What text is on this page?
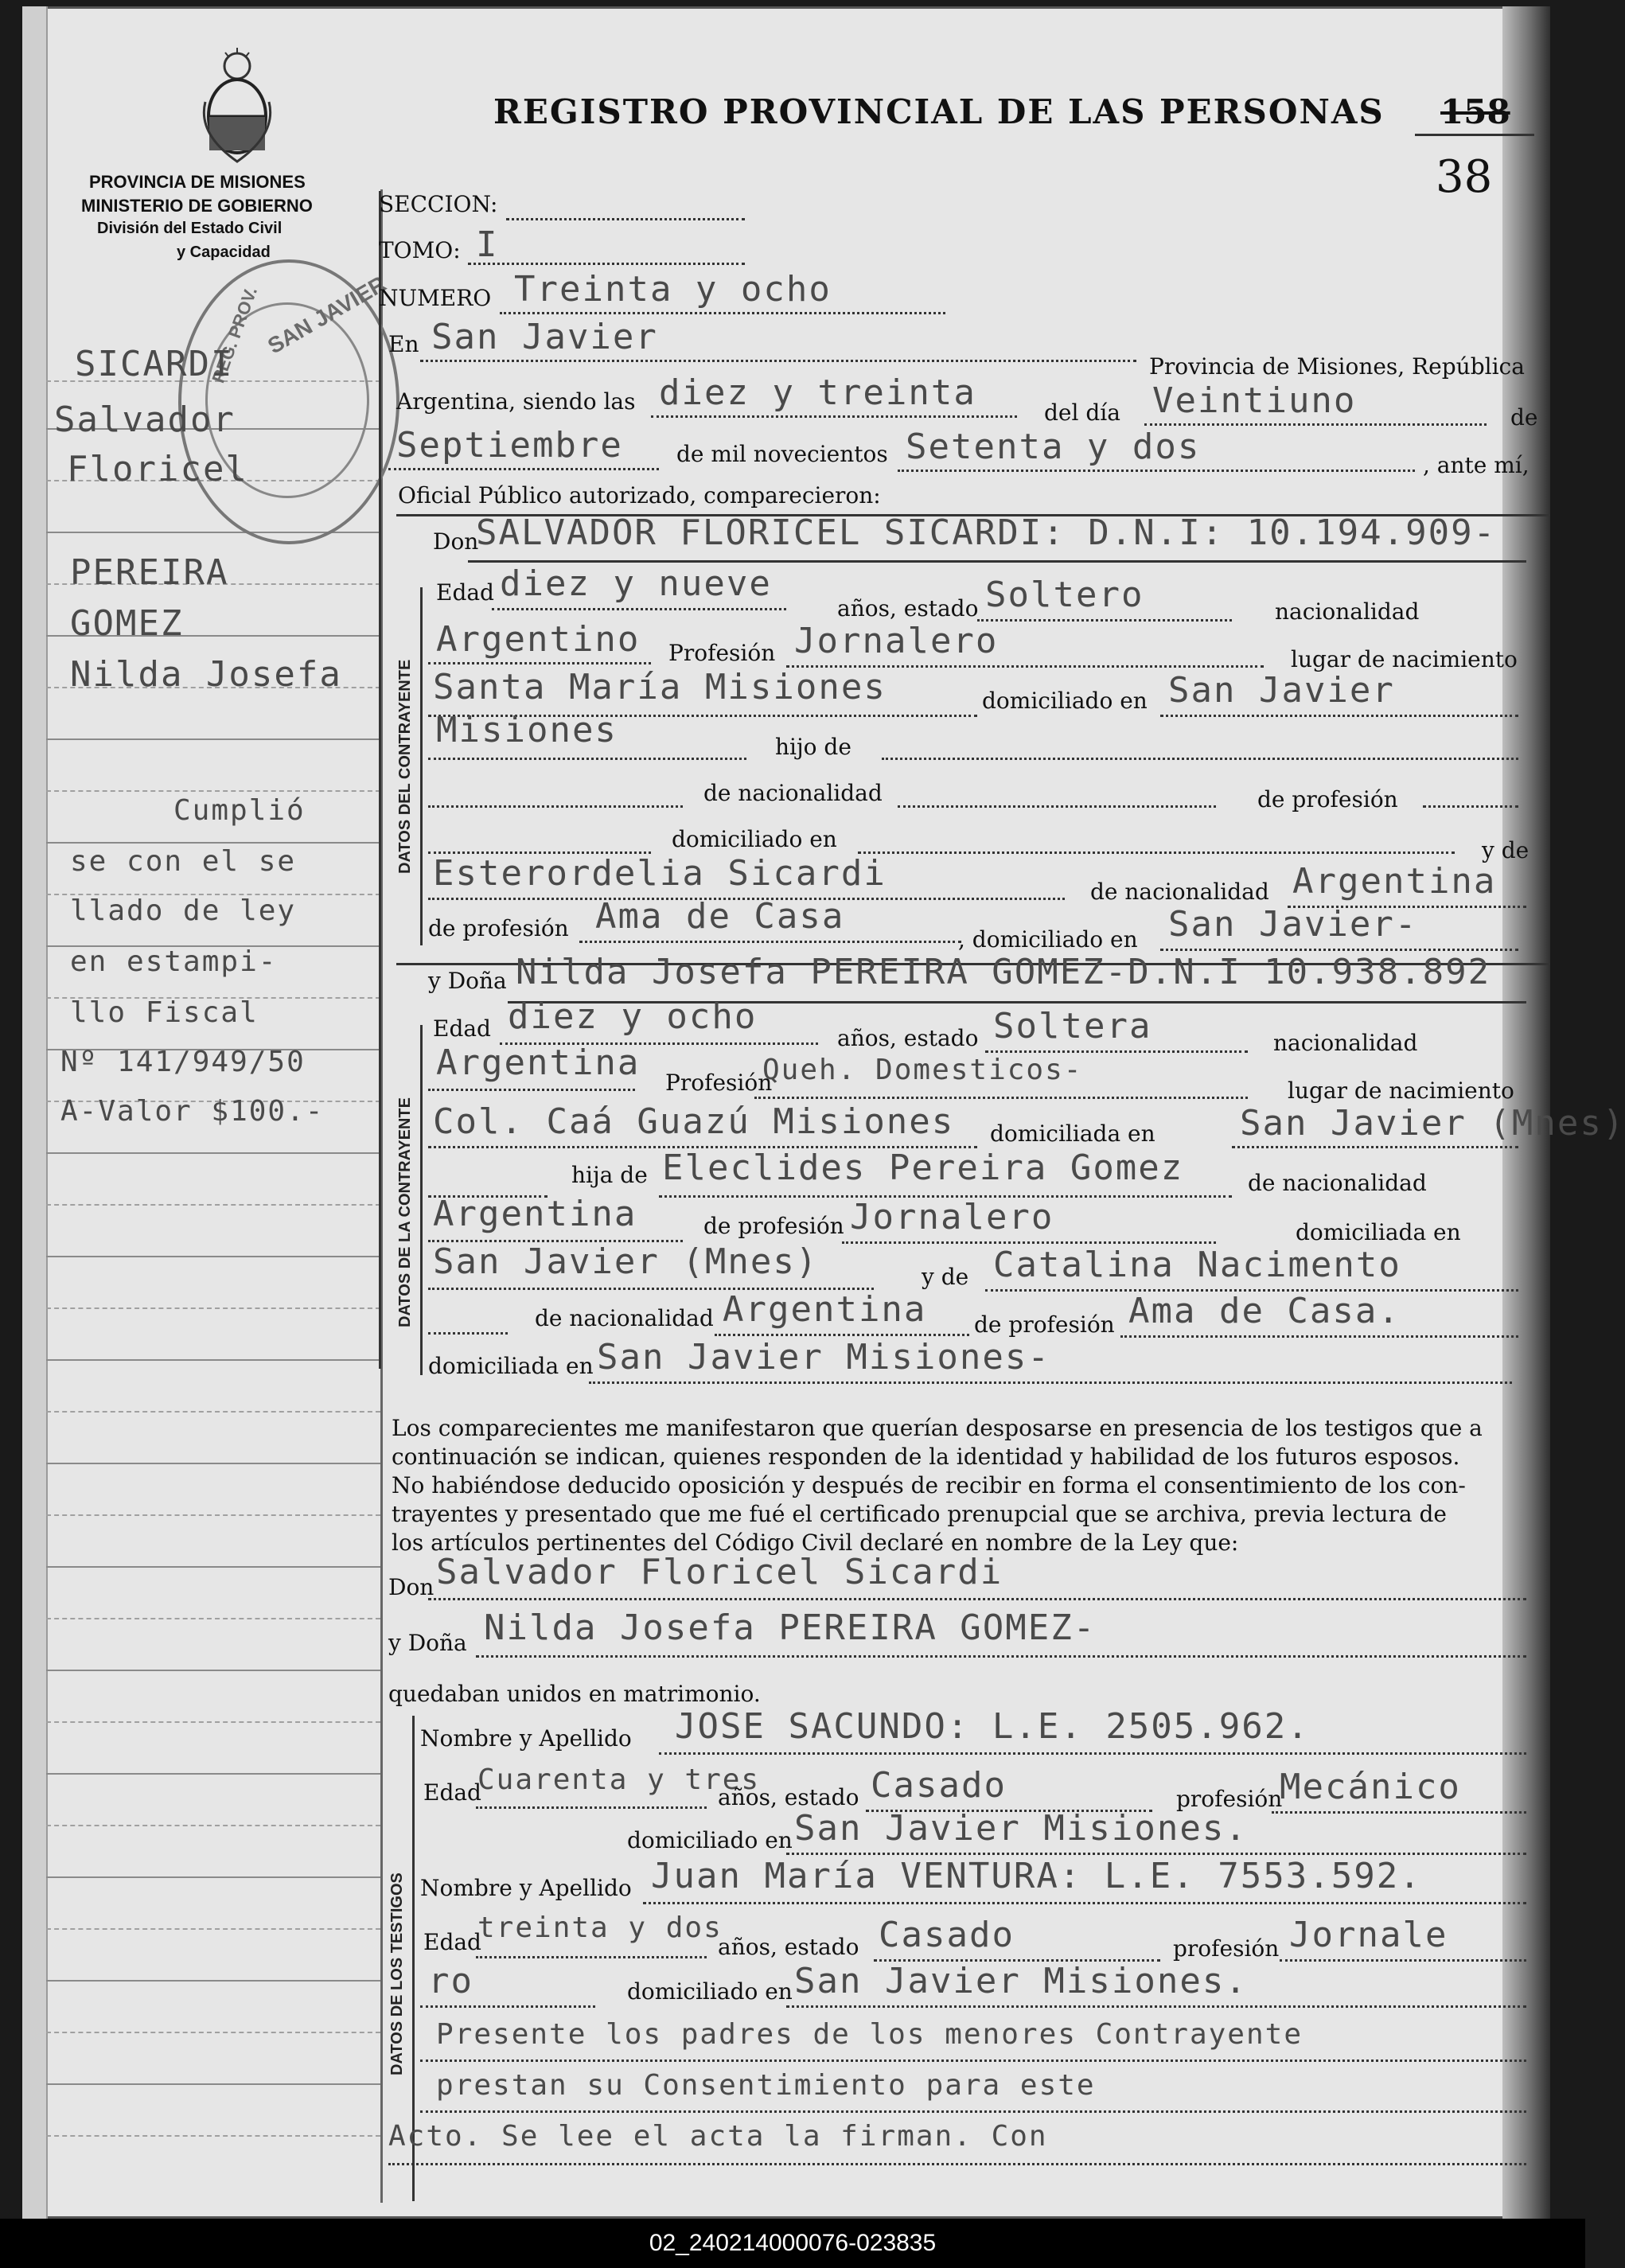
PROVINCIA DE MISIONES
MINISTERIO DE GOBIERNO
División del Estado Civil
y Capacidad
SAN JAVIER
REG. PROV.
SICARDI
Salvador
Floricel
PEREIRA
GOMEZ
Nilda Josefa
Cumplió
se con el se
llado de ley
en estampi-
llo Fiscal
Nº 141/949/50
A-Valor $100.-
REGISTRO PROVINCIAL DE LAS PERSONAS 158
38
SECCION:
TOMO: I
NUMERO Treinta y ocho
En San Javier
Provincia de Misiones, República
Argentina, siendo las diez y treinta	del día Veintiuno	de
Septiembre de mil novecientos Setenta y dos	, ante mí,
Oficial Público autorizado, comparecieron:
DATOS DEL CONTRAYENTE
Don
SALVADOR FLORICEL SICARDI: D.N.I: 10.194.909-
Edad diez y nueve
años, estado Soltero	nacionalidad
Argentino Profesión Jornalero	lugar de nacimiento
Santa María Misiones	domiciliado en San Javier
Misiones	hijo de
de nacionalidad	de profesión
domiciliado en	y de
Esterordelia Sicardi	de nacionalidad Argentina
de profesión Ama de Casa
, domiciliado en San Javier-
DATOS DE LA CONTRAYENTE
y Doña Nilda Josefa PEREIRA GOMEZ-D.N.I 10.938.892
Edad diez y ocho
años, estado Soltera	nacionalidad
Argentina Profesión
Queh. Domesticos-
lugar de nacimiento
Col. Caá Guazú Misiones domiciliada en San Javier (Mnes)
hija de Eleclides Pereira Gomez	de nacionalidad
Argentina	de profesión Jornalero	domiciliada en
San Javier (Mnes)	y de Catalina Nacimento
de nacionalidad Argentina de profesión Ama de Casa.
domiciliada en San Javier Misiones-
Los comparecientes me manifestaron que querían desposarse en presencia de los testigos que a
continuación se indican, quienes responden de la identidad y habilidad de los futuros esposos.
No habiéndose deducido oposición y después de recibir en forma el consentimiento de los con-
trayentes y presentado que me fué el certificado prenupcial que se archiva, previa lectura de
los artículos pertinentes del Código Civil declaré en nombre de la Ley que:
Don Salvador Floricel Sicardi
y Doña Nilda Josefa PEREIRA GOMEZ-
quedaban unidos en matrimonio.
DATOS DE LOS TESTIGOS
Nombre y Apellido JOSE SACUNDO: L.E. 2505.962.
Edad
Cuarenta y tres
años, estado Casado	profesión
Mecánico
domiciliado en San Javier Misiones.
Nombre y Apellido Juan María VENTURA: L.E. 7553.592.
Edad
treinta y dos
años, estado Casado	profesión Jornale
ro	domiciliado en San Javier Misiones.
Presente los padres de los menores Contrayente
prestan su Consentimiento para este
Acto. Se lee el acta la firman. Con
02_240214000076-023835
